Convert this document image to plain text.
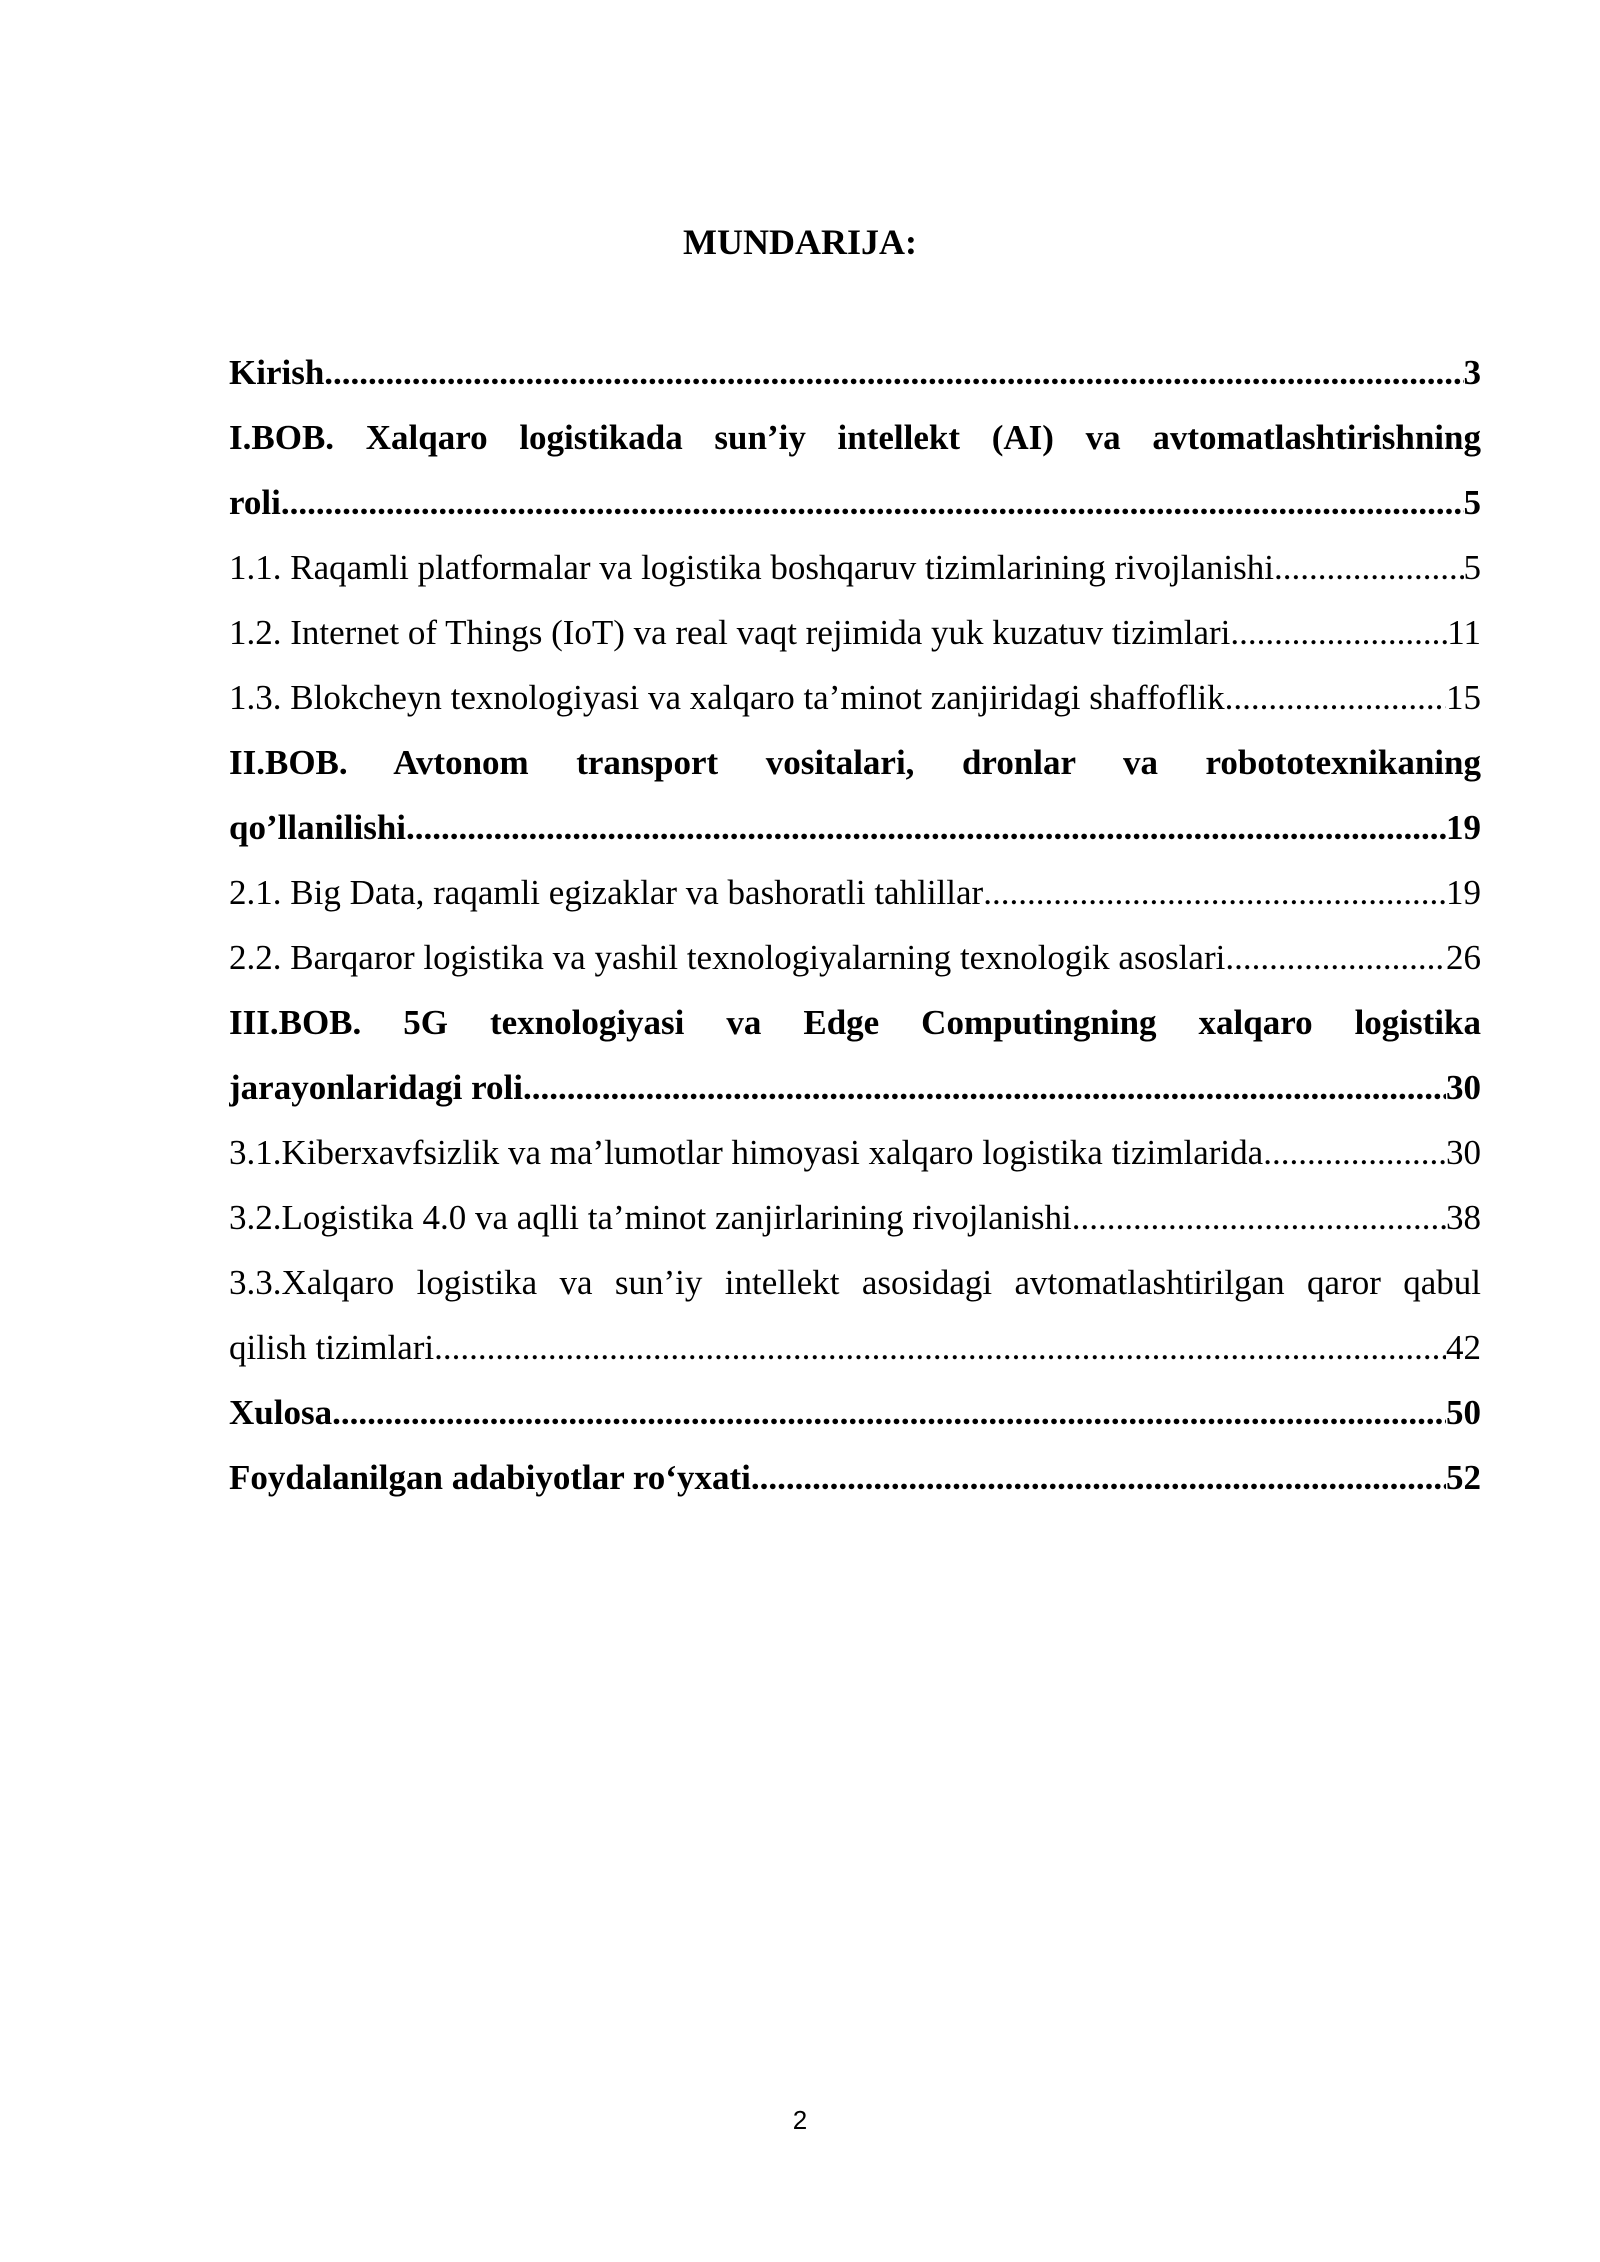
MUNDARIJA:
Kirish .....	3
I.BOB. Xalqaro logistikada sun’iy intellekt (AI) va avtomatlashtirishning
roli .....	5
1.1. Raqamli platformalar va logistika boshqaruv tizimlarining rivojlanishi .....	5
1.2. Internet of Things (IoT) va real vaqt rejimida yuk kuzatuv tizimlari .....	11
1.3. Blokcheyn texnologiyasi va xalqaro ta’minot zanjiridagi shaffoflik .....	15
II.BOB. Avtonom transport vositalari, dronlar va robototexnikaning
qo’llanilishi .....	19
2.1. Big Data, raqamli egizaklar va bashoratli tahlillar .....	19
2.2. Barqaror logistika va yashil texnologiyalarning texnologik asoslari .....	26
III.BOB. 5G texnologiyasi va Edge Computingning xalqaro logistika
jarayonlaridagi roli .....	30
3.1.Kiberxavfsizlik va ma’lumotlar himoyasi xalqaro logistika tizimlarida .....	30
3.2.Logistika 4.0 va aqlli ta’minot zanjirlarining rivojlanishi .....	38
3.3.Xalqaro logistika va sun’iy intellekt asosidagi avtomatlashtirilgan qaror qabul
qilish tizimlari .....	42
Xulosa .....	50
Foydalanilgan adabiyotlar ro‘yxati .....	52
2
